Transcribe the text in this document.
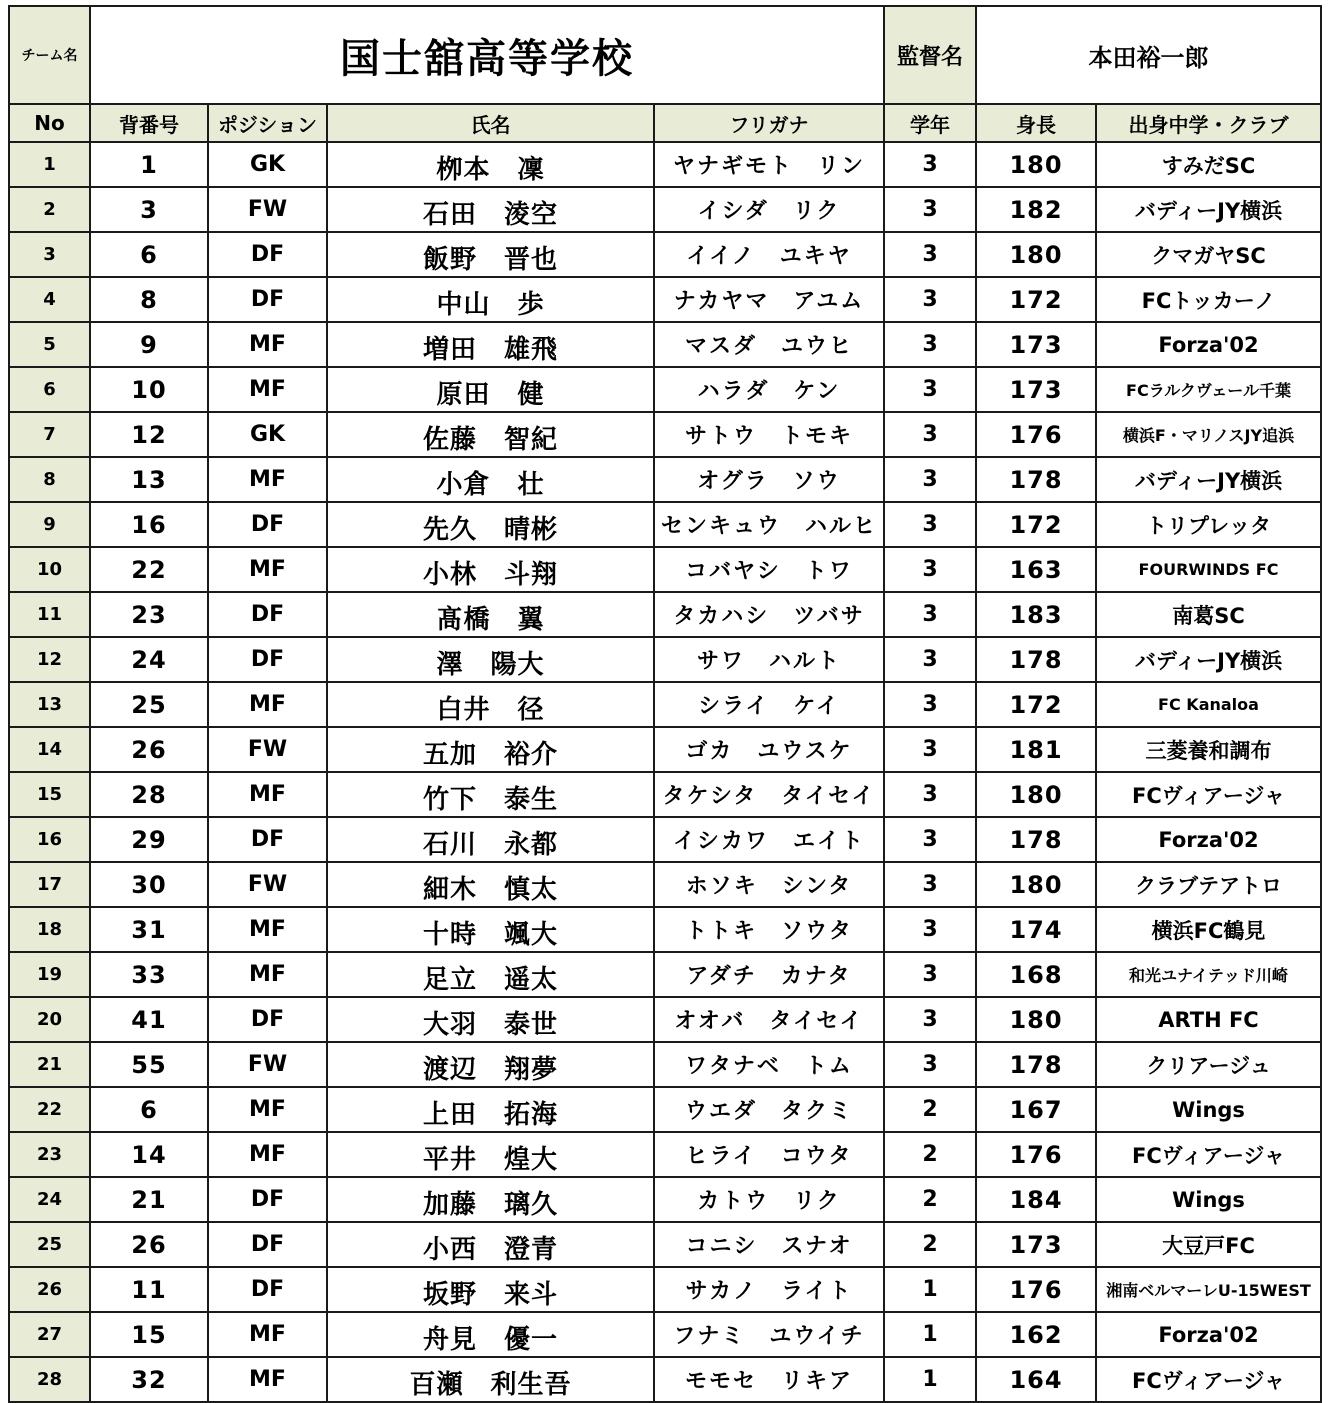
チーム名	国士舘高等学校				監督名	本田裕一郎	
No	背番号	ポジション	氏名	フリガナ	学年	身長	出身中学・クラブ
1	1	GK	栁本　凜	ヤナギモト　リン	3	180	すみだSC
2	3	FW	石田　淩空	イシダ　リク	3	182	バディーJY横浜
3	6	DF	飯野　晋也	イイノ　ユキヤ	3	180	クマガヤSC
4	8	DF	中山　歩	ナカヤマ　アユム	3	172	FCトッカーノ
5	9	MF	増田　雄飛	マスダ　ユウヒ	3	173	Forza'02
6	10	MF	原田　健	ハラダ　ケン	3	173	FCラルクヴェール千葉
7	12	GK	佐藤　智紀	サトウ　トモキ	3	176	横浜F・マリノスJY追浜
8	13	MF	小倉　壮	オグラ　ソウ	3	178	バディーJY横浜
9	16	DF	先久　晴彬	センキュウ　ハルヒ	3	172	トリプレッタ
10	22	MF	小林　斗翔	コバヤシ　トワ	3	163	FOURWINDS FC
11	23	DF	髙橋　翼	タカハシ　ツバサ	3	183	南葛SC
12	24	DF	澤　陽大	サワ　ハルト	3	178	バディーJY横浜
13	25	MF	白井　径	シライ　ケイ	3	172	FC Kanaloa
14	26	FW	五加　裕介	ゴカ　ユウスケ	3	181	三菱養和調布
15	28	MF	竹下　泰生	タケシタ　タイセイ	3	180	FCヴィアージャ
16	29	DF	石川　永都	イシカワ　エイト	3	178	Forza'02
17	30	FW	細木　慎太	ホソキ　シンタ	3	180	クラブテアトロ
18	31	MF	十時　颯大	トトキ　ソウタ	3	174	横浜FC鶴見
19	33	MF	足立　遥太	アダチ　カナタ	3	168	和光ユナイテッド川崎
20	41	DF	大羽　泰世	オオバ　タイセイ	3	180	ARTH FC
21	55	FW	渡辺　翔夢	ワタナベ　トム	3	178	クリアージュ
22	6	MF	上田　拓海	ウエダ　タクミ	2	167	Wings
23	14	MF	平井　煌大	ヒライ　コウタ	2	176	FCヴィアージャ
24	21	DF	加藤　璃久	カトウ　リク	2	184	Wings
25	26	DF	小西　澄青	コニシ　スナオ	2	173	大豆戸FC
26	11	DF	坂野　来斗	サカノ　ライト	1	176	湘南ベルマーレU-15WEST
27	15	MF	舟見　優一	フナミ　ユウイチ	1	162	Forza'02
28	32	MF	百瀬　利生吾	モモセ　リキア	1	164	FCヴィアージャ
